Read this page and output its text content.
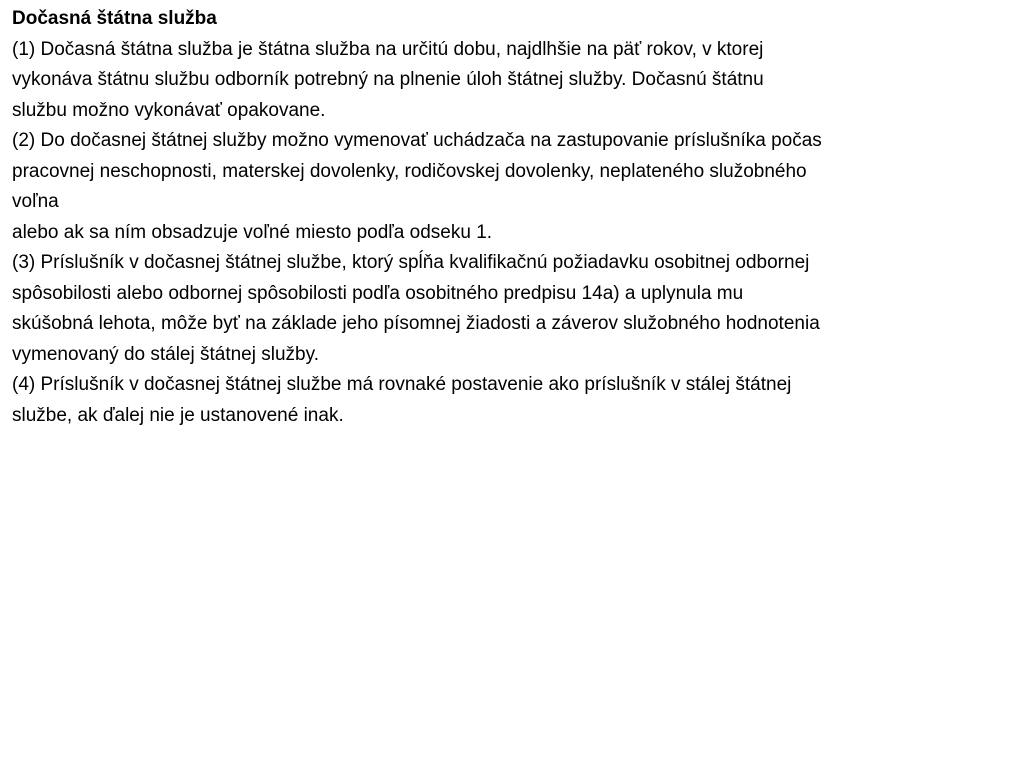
Dočasná štátna služba

(1) Dočasná štátna služba je štátna služba na určitú dobu, najdlhšie na päť rokov, v ktorej
vykonáva štátnu službu odborník potrebný na plnenie úloh štátnej služby. Dočasnú štátnu
službu možno vykonávať opakovane.

(2) Do dočasnej štátnej služby možno vymenovať uchádzača na zastupovanie príslušníka počas
pracovnej neschopnosti, materskej dovolenky, rodičovskej dovolenky, neplateného služobného
voľna
alebo ak sa ním obsadzuje voľné miesto podľa odseku 1.

(3) Príslušník v dočasnej štátnej službe, ktorý spĺňa kvalifikačnú požiadavku osobitnej odbornej
spôsobilosti alebo odbornej spôsobilosti podľa osobitného predpisu 14a) a uplynula mu
skúšobná lehota, môže byť na základe jeho písomnej žiadosti a záverov služobného hodnotenia
vymenovaný do stálej štátnej služby.

(4) Príslušník v dočasnej štátnej službe má rovnaké postavenie ako príslušník v stálej štátnej
službe, ak ďalej nie je ustanovené inak.
